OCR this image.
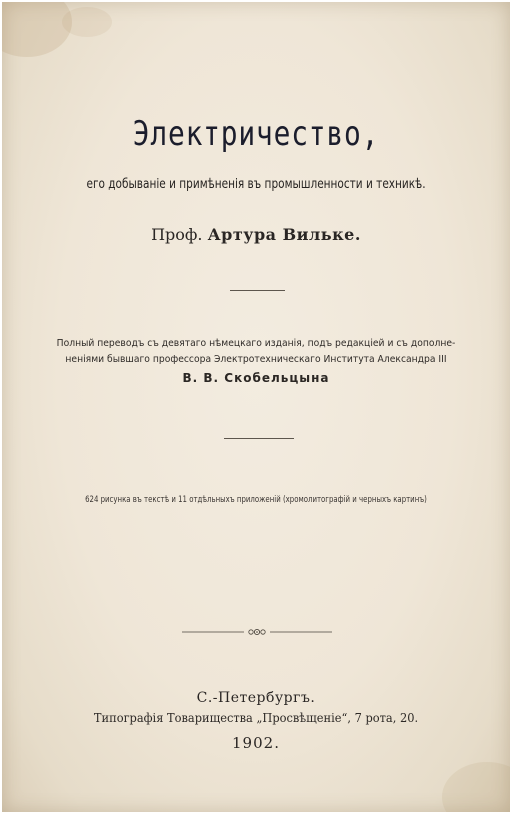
Электричество,
его добываніе и примѣненія въ промышленности и техникѣ.
Проф. Артура Вильке.
Полный переводъ съ девятаго нѣмецкаго изданія, подъ редакціей и съ дополне-
неніями бывшаго профессора Электротехническаго Института Александра III
В. В. Скобельцына
624 рисунка въ текстѣ и 11 отдѣльныхъ приложеній (хромолитографій и черныхъ картинъ)
С.-Петербургъ.
Типографія Товарищества „Просвѣщеніе“, 7 рота, 20.
1902.
